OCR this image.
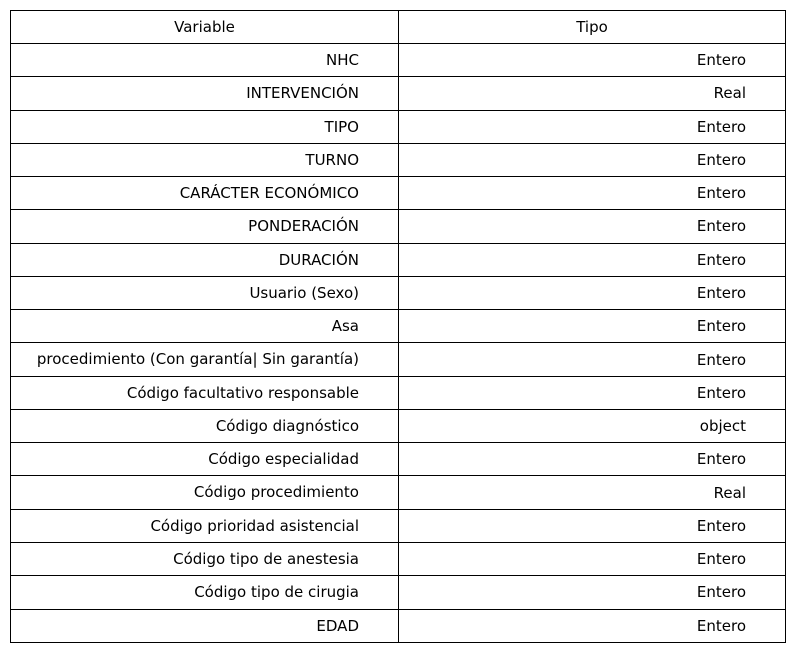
Variable	Tipo

NHC	Entero

INTERVENCIÓN	Real

TIPO	Entero

TURNO	Entero

CARÁCTER ECONÓMICO	Entero

PONDERACIÓN	Entero

DURACIÓN	Entero

Usuario (Sexo)	Entero

Asa	Entero

procedimiento (Con garantía| Sin garantía)	Entero

Código facultativo responsable	Entero

Código diagnóstico	object

Código especialidad	Entero

Código procedimiento	Real

Código prioridad asistencial	Entero

Código tipo de anestesia	Entero

Código tipo de cirugia	Entero

EDAD	Entero
